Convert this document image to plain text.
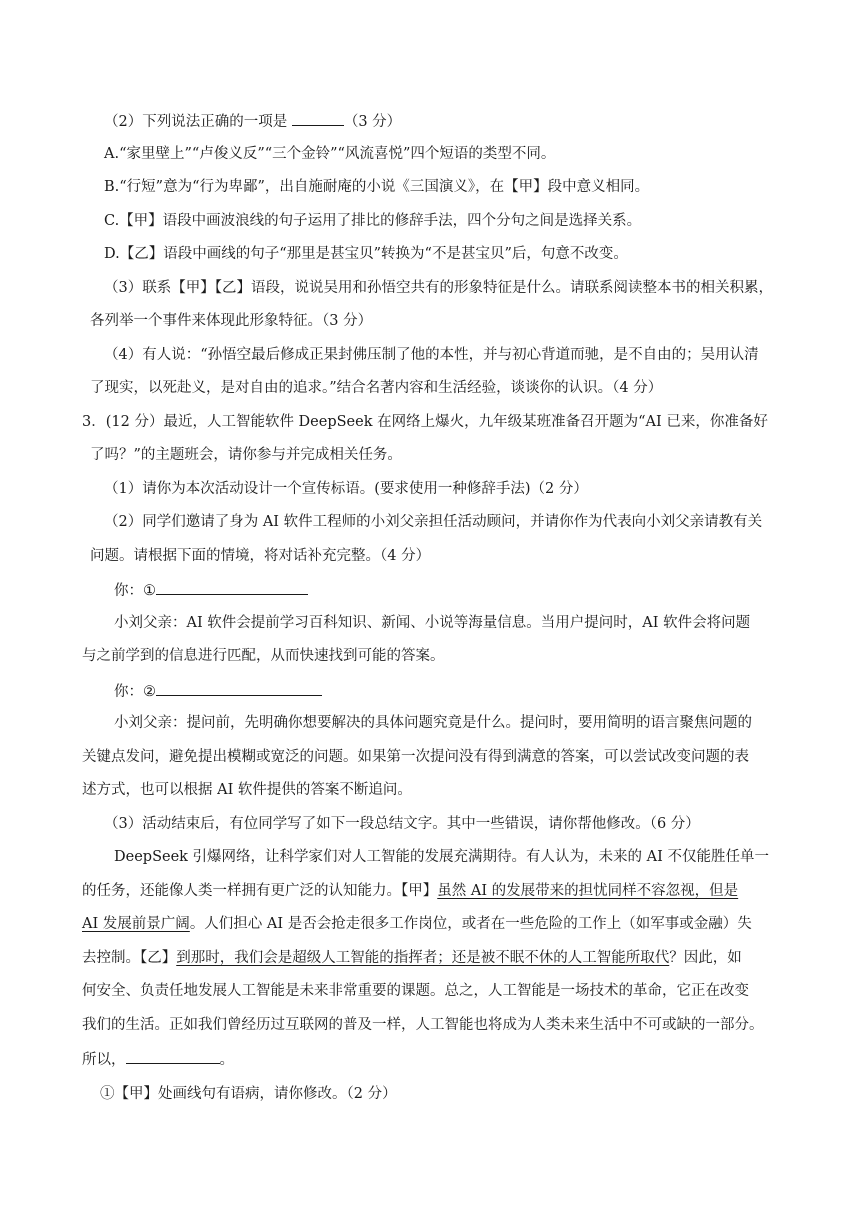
（2）下列说法正确的一项是	（3 分）
A.“家里壁上”“卢俊义反”“三个金铃”“风流喜悦”四个短语的类型不同。
B.“行短”意为“行为卑鄙”，出自施耐庵的小说《三国演义》，在【甲】段中意义相同。
C.【甲】语段中画波浪线的句子运用了排比的修辞手法，四个分句之间是选择关系。
D.【乙】语段中画线的句子“那里是甚宝贝”转换为“不是甚宝贝”后，句意不改变。
（3）联系【甲】【乙】语段，说说吴用和孙悟空共有的形象特征是什么。请联系阅读整本书的相关积累，
各列举一个事件来体现此形象特征。（3 分）
（4）有人说：“孙悟空最后修成正果封佛压制了他的本性，并与初心背道而驰，是不自由的；吴用认清
了现实，以死赴义，是对自由的追求。”结合名著内容和生活经验，谈谈你的认识。（4 分）
3．(12 分）最近，人工智能软件 DeepSeek 在网络上爆火，九年级某班准备召开题为“AI 已来，你准备好
了吗？”的主题班会，请你参与并完成相关任务。
（1）请你为本次活动设计一个宣传标语。(要求使用一种修辞手法)（2 分）
（2）同学们邀请了身为 AI 软件工程师的小刘父亲担任活动顾问，并请你作为代表向小刘父亲请教有关
问题。请根据下面的情境，将对话补充完整。（4 分）
你：①
小刘父亲：AI 软件会提前学习百科知识、新闻、小说等海量信息。当用户提问时，AI 软件会将问题
与之前学到的信息进行匹配，从而快速找到可能的答案。
你：②
小刘父亲：提问前，先明确你想要解决的具体问题究竟是什么。提问时，要用简明的语言聚焦问题的
关键点发问，避免提出模糊或宽泛的问题。如果第一次提问没有得到满意的答案，可以尝试改变问题的表
述方式，也可以根据 AI 软件提供的答案不断追问。
（3）活动结束后，有位同学写了如下一段总结文字。其中一些错误，请你帮他修改。（6 分）
DeepSeek 引爆网络，让科学家们对人工智能的发展充满期待。有人认为，未来的 AI 不仅能胜任单一
的任务，还能像人类一样拥有更广泛的认知能力。【甲】虽然 AI 的发展带来的担忧同样不容忽视，但是
AI 发展前景广阔。人们担心 AI 是否会抢走很多工作岗位，或者在一些危险的工作上（如军事或金融）失
去控制。【乙】到那时，我们会是超级人工智能的指挥者；还是被不眠不休的人工智能所取代？因此，如
何安全、负责任地发展人工智能是未来非常重要的课题。总之，人工智能是一场技术的革命，它正在改变
我们的生活。正如我们曾经历过互联网的普及一样，人工智能也将成为人类未来生活中不可或缺的一部分。
所以，	。
①【甲】处画线句有语病，请你修改。（2 分）
